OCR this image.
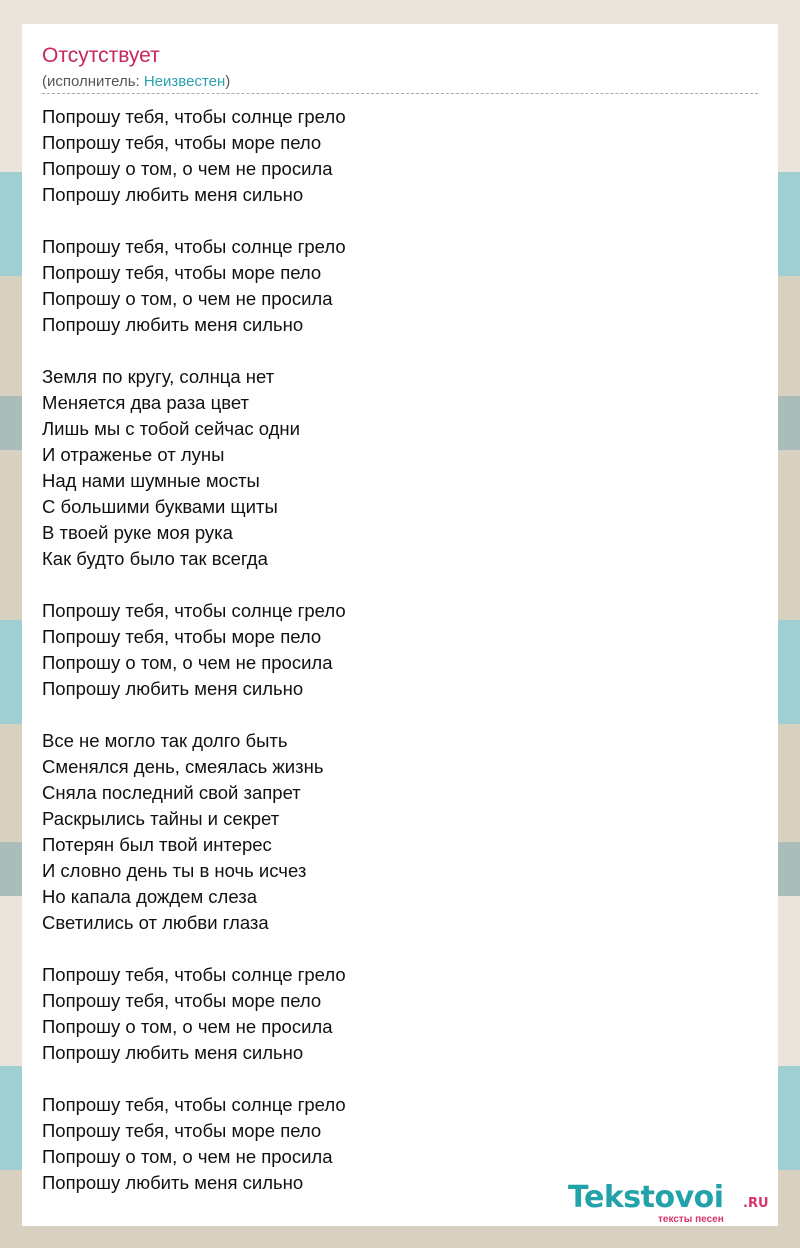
Отсутствует
(исполнитель: Неизвестен)
Попрошу тебя, чтобы солнце грело
Попрошу тебя, чтобы море пело
Попрошу о том, о чем не просила
Попрошу любить меня сильно
Попрошу тебя, чтобы солнце грело
Попрошу тебя, чтобы море пело
Попрошу о том, о чем не просила
Попрошу любить меня сильно
Земля по кругу, солнца нет
Меняется два раза цвет
Лишь мы с тобой сейчас одни
И отраженье от луны
Над нами шумные мосты
С большими буквами щиты
В твоей руке моя рука
Как будто было так всегда
Попрошу тебя, чтобы солнце грело
Попрошу тебя, чтобы море пело
Попрошу о том, о чем не просила
Попрошу любить меня сильно
Все не могло так долго быть
Сменялся день, смеялась жизнь
Сняла последний свой запрет
Раскрылись тайны и секрет
Потерян был твой интерес
И словно день ты в ночь исчез
Но капала дождем слеза
Светились от любви глаза
Попрошу тебя, чтобы солнце грело
Попрошу тебя, чтобы море пело
Попрошу о том, о чем не просила
Попрошу любить меня сильно
Попрошу тебя, чтобы солнце грело
Попрошу тебя, чтобы море пело
Попрошу о том, о чем не просила
Попрошу любить меня сильно	Tekstovoi .RU
тексты песен
